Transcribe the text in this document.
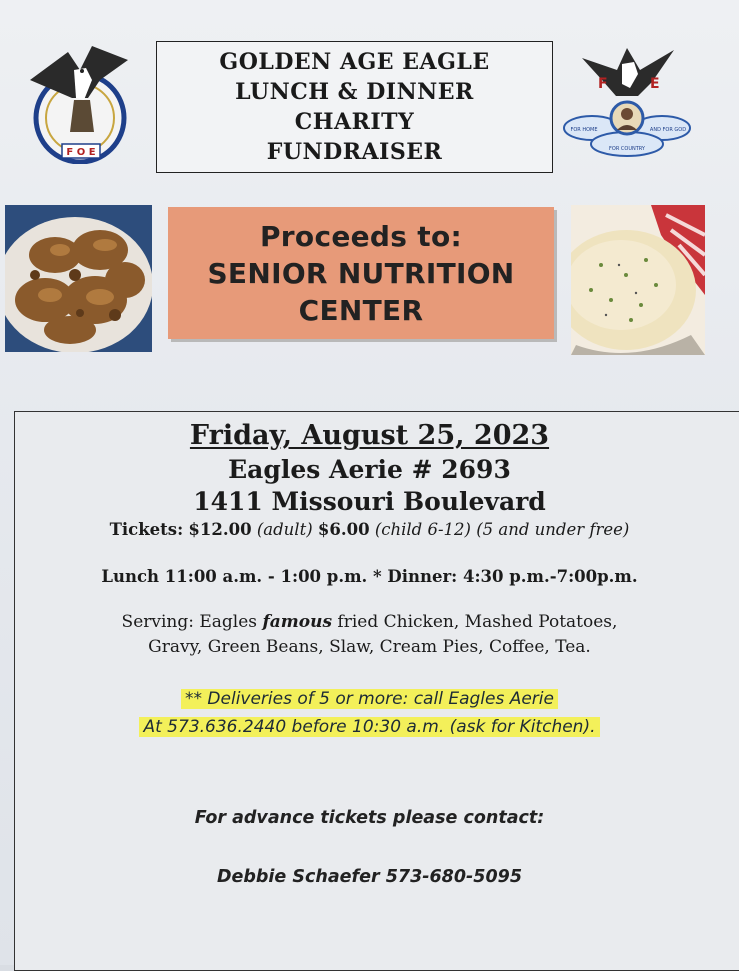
F O E
GOLDEN AGE EAGLE
LUNCH & DINNER
CHARITY
FUNDRAISER
F	E
FOR HOME	AND FOR GOD
FOR COUNTRY
Proceeds to:
SENIOR NUTRITION
CENTER
Friday, August 25, 2023
Eagles Aerie # 2693
1411 Missouri Boulevard
Tickets: $12.00 (adult) $6.00 (child 6-12) (5 and under free)
Lunch 11:00 a.m. - 1:00 p.m. * Dinner: 4:30 p.m.-7:00p.m.
Serving: Eagles famous fried Chicken, Mashed Potatoes,
Gravy, Green Beans, Slaw, Cream Pies, Coffee, Tea.
** Deliveries of 5 or more: call Eagles Aerie
At 573.636.2440 before 10:30 a.m. (ask for Kitchen).
For advance tickets please contact:
Debbie Schaefer 573-680-5095
